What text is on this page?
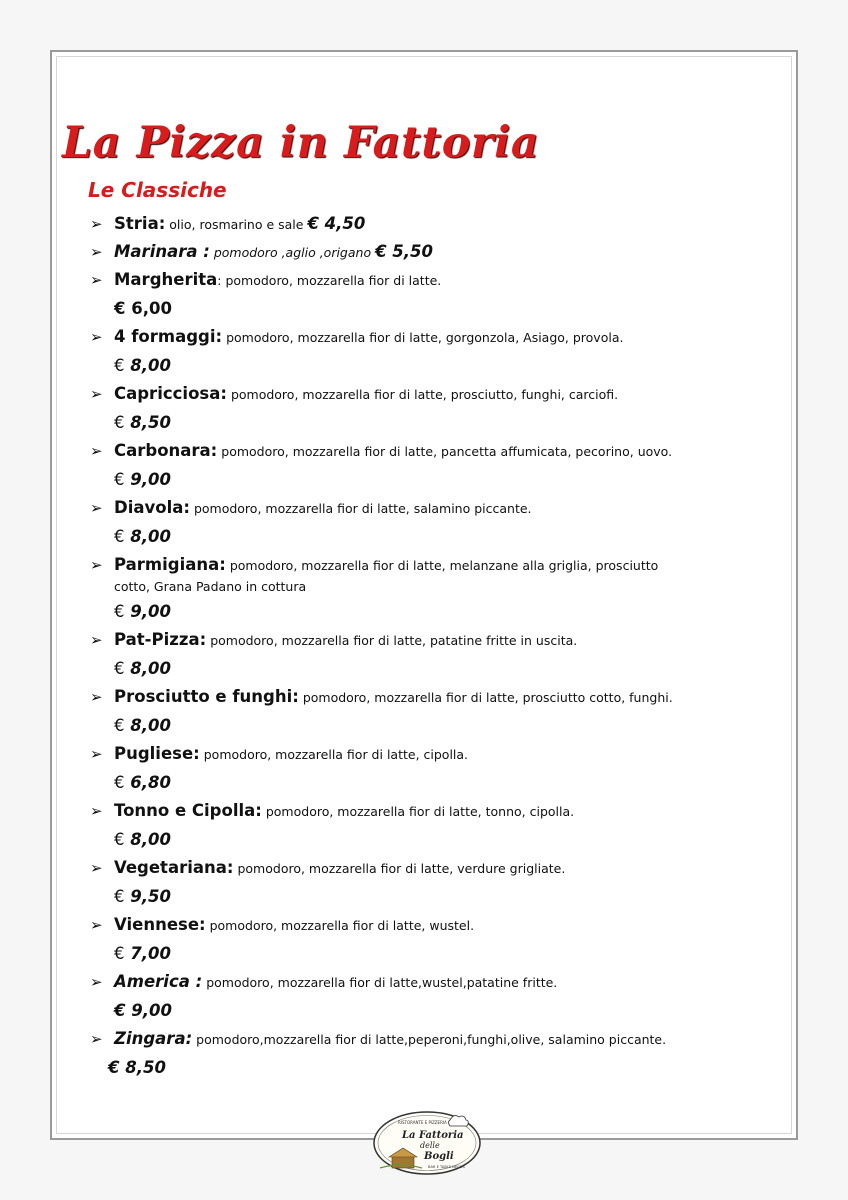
La Pizza in Fattoria
Le Classiche
➢ Stria: olio, rosmarino e sale € 4,50
➢ Marinara : pomodoro ,aglio ,origano € 5,50
➢ Margherita: pomodoro, mozzarella fior di latte.
€ 6,00
➢ 4 formaggi: pomodoro, mozzarella fior di latte, gorgonzola, Asiago, provola.
€ 8,00
➢ Capricciosa: pomodoro, mozzarella fior di latte, prosciutto, funghi, carciofi.
€ 8,50
➢ Carbonara: pomodoro, mozzarella fior di latte, pancetta affumicata, pecorino, uovo.
€ 9,00
➢ Diavola: pomodoro, mozzarella fior di latte, salamino piccante.
€ 8,00
➢ Parmigiana: pomodoro, mozzarella fior di latte, melanzane alla griglia, prosciutto
cotto, Grana Padano in cottura
€ 9,00
➢ Pat-Pizza: pomodoro, mozzarella fior di latte, patatine fritte in uscita.
€ 8,00
➢ Prosciutto e funghi: pomodoro, mozzarella fior di latte, prosciutto cotto, funghi.
€ 8,00
➢ Pugliese: pomodoro, mozzarella fior di latte, cipolla.
€ 6,80
➢ Tonno e Cipolla: pomodoro, mozzarella fior di latte, tonno, cipolla.
€ 8,00
➢ Vegetariana: pomodoro, mozzarella fior di latte, verdure grigliate.
€ 9,50
➢ Viennese: pomodoro, mozzarella fior di latte, wustel.
€ 7,00
➢ America : pomodoro, mozzarella fior di latte,wustel,patatine fritte.
€ 9,00
➢ Zingara: pomodoro,mozzarella fior di latte,peperoni,funghi,olive, salamino piccante.
€ 8,50
RISTORANTE E PIZZERIA
La Fattoria
delle
Bogli
BAR E TABLE DEGUS
